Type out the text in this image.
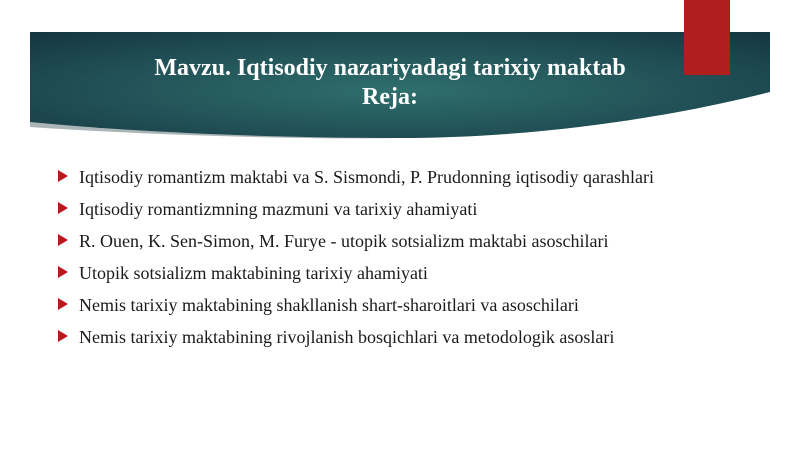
Mavzu. Iqtisodiy nazariyadagi tarixiy maktab
Reja:
Iqtisodiy romantizm maktabi va S. Sismondi, P. Prudonning iqtisodiy qarashlari
Iqtisodiy romantizmning mazmuni va tarixiy ahamiyati
R. Ouen, K. Sen-Simon, M. Furye - utopik sotsializm maktabi asoschilari
Utopik sotsializm maktabining tarixiy ahamiyati
Nemis tarixiy maktabining shakllanish shart-sharoitlari va asoschilari
Nemis tarixiy maktabining rivojlanish bosqichlari va metodologik asoslari
